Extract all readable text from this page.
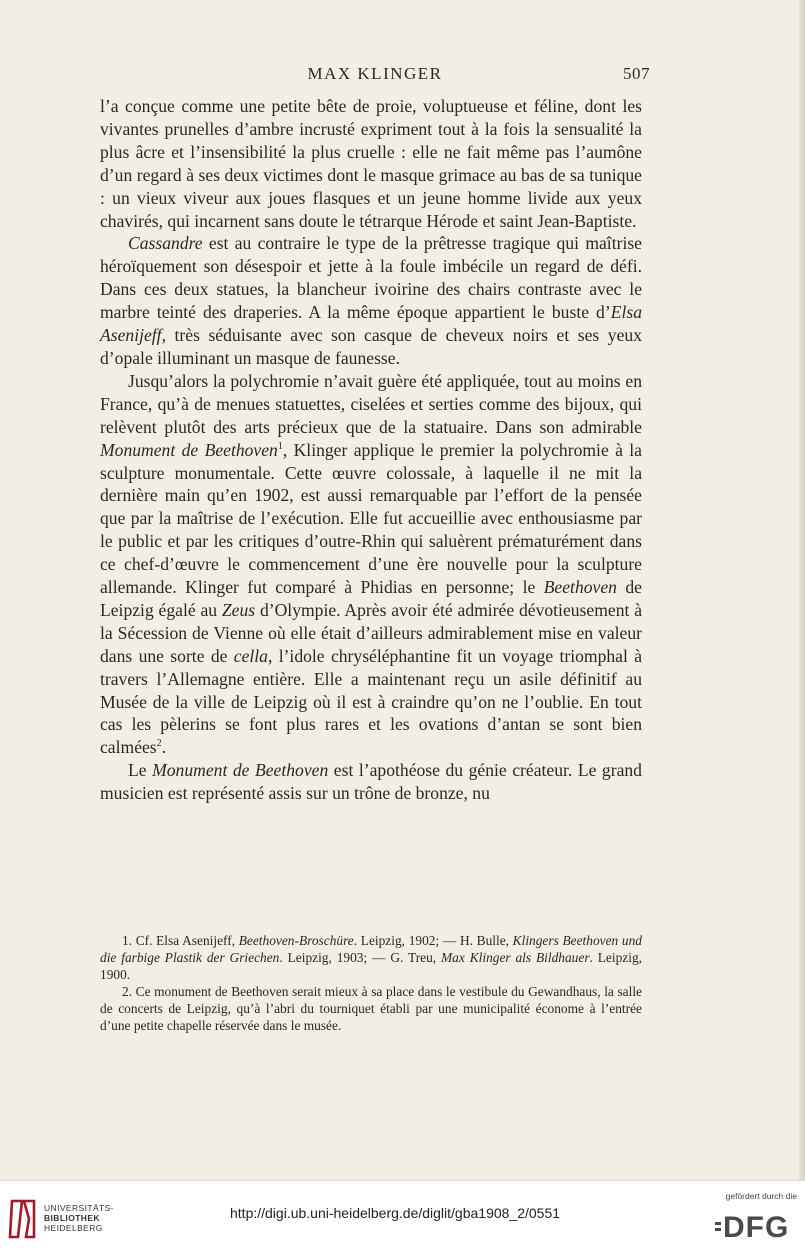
MAX KLINGER	507

l’a conçue comme une petite bête de proie, voluptueuse et féline, dont les vivantes prunelles d’ambre incrusté expriment tout à la fois la sensualité la plus âcre et l’insensibilité la plus cruelle : elle ne fait même pas l’aumône d’un regard à ses deux victimes dont le masque grimace au bas de sa tunique : un vieux viveur aux joues flasques et un jeune homme livide aux yeux chavirés, qui incarnent sans doute le tétrarque Hérode et saint Jean-Baptiste.

Cassandre est au contraire le type de la prêtresse tragique qui maîtrise héroïquement son désespoir et jette à la foule imbécile un regard de défi. Dans ces deux statues, la blancheur ivoirine des chairs contraste avec le marbre teinté des draperies. A la même époque appartient le buste d’Elsa Asenijeff, très séduisante avec son casque de cheveux noirs et ses yeux d’opale illuminant un masque de faunesse.

Jusqu’alors la polychromie n’avait guère été appliquée, tout au moins en France, qu’à de menues statuettes, ciselées et serties comme des bijoux, qui relèvent plutôt des arts précieux que de la statuaire. Dans son admirable Monument de Beethoven$^1$, Klinger applique le premier la polychromie à la sculpture monumentale. Cette œuvre colossale, à laquelle il ne mit la dernière main qu’en 1902, est aussi remarquable par l’effort de la pensée que par la maîtrise de l’exécution. Elle fut accueillie avec enthousiasme par le public et par les critiques d’outre-Rhin qui saluèrent prématurément dans ce chef-d’œuvre le commencement d’une ère nouvelle pour la sculpture allemande. Klinger fut comparé à Phidias en personne; le Beethoven de Leipzig égalé au Zeus d’Olympie. Après avoir été admirée dévotieusement à la Sécession de Vienne où elle était d’ailleurs admirablement mise en valeur dans une sorte de cella, l’idole chryséléphantine fit un voyage triomphal à travers l’Allemagne entière. Elle a maintenant reçu un asile définitif au Musée de la ville de Leipzig où il est à craindre qu’on ne l’oublie. En tout cas les pèlerins se font plus rares et les ovations d’antan se sont bien calmées$^2$.

Le Monument de Beethoven est l’apothéose du génie créateur. Le grand musicien est représenté assis sur un trône de bronze, nu

1. Cf. Elsa Asenijeff, Beethoven-Broschüre. Leipzig, 1902; — H. Bulle, Klingers Beethoven und die farbige Plastik der Griechen. Leipzig, 1903; — G. Treu, Max Klinger als Bildhauer. Leipzig, 1900.

2. Ce monument de Beethoven serait mieux à sa place dans le vestibule du Gewandhaus, la salle de concerts de Leipzig, qu’à l’abri du tourniquet établi par une municipalité économe à l’entrée d’une petite chapelle réservée dans le musée.

UNIVERSITÄTS-
BIBLIOTHEK
HEIDELBERG
http://digi.ub.uni-heidelberg.de/diglit/gba1908_2/0551
gefördert durch die
DFG
